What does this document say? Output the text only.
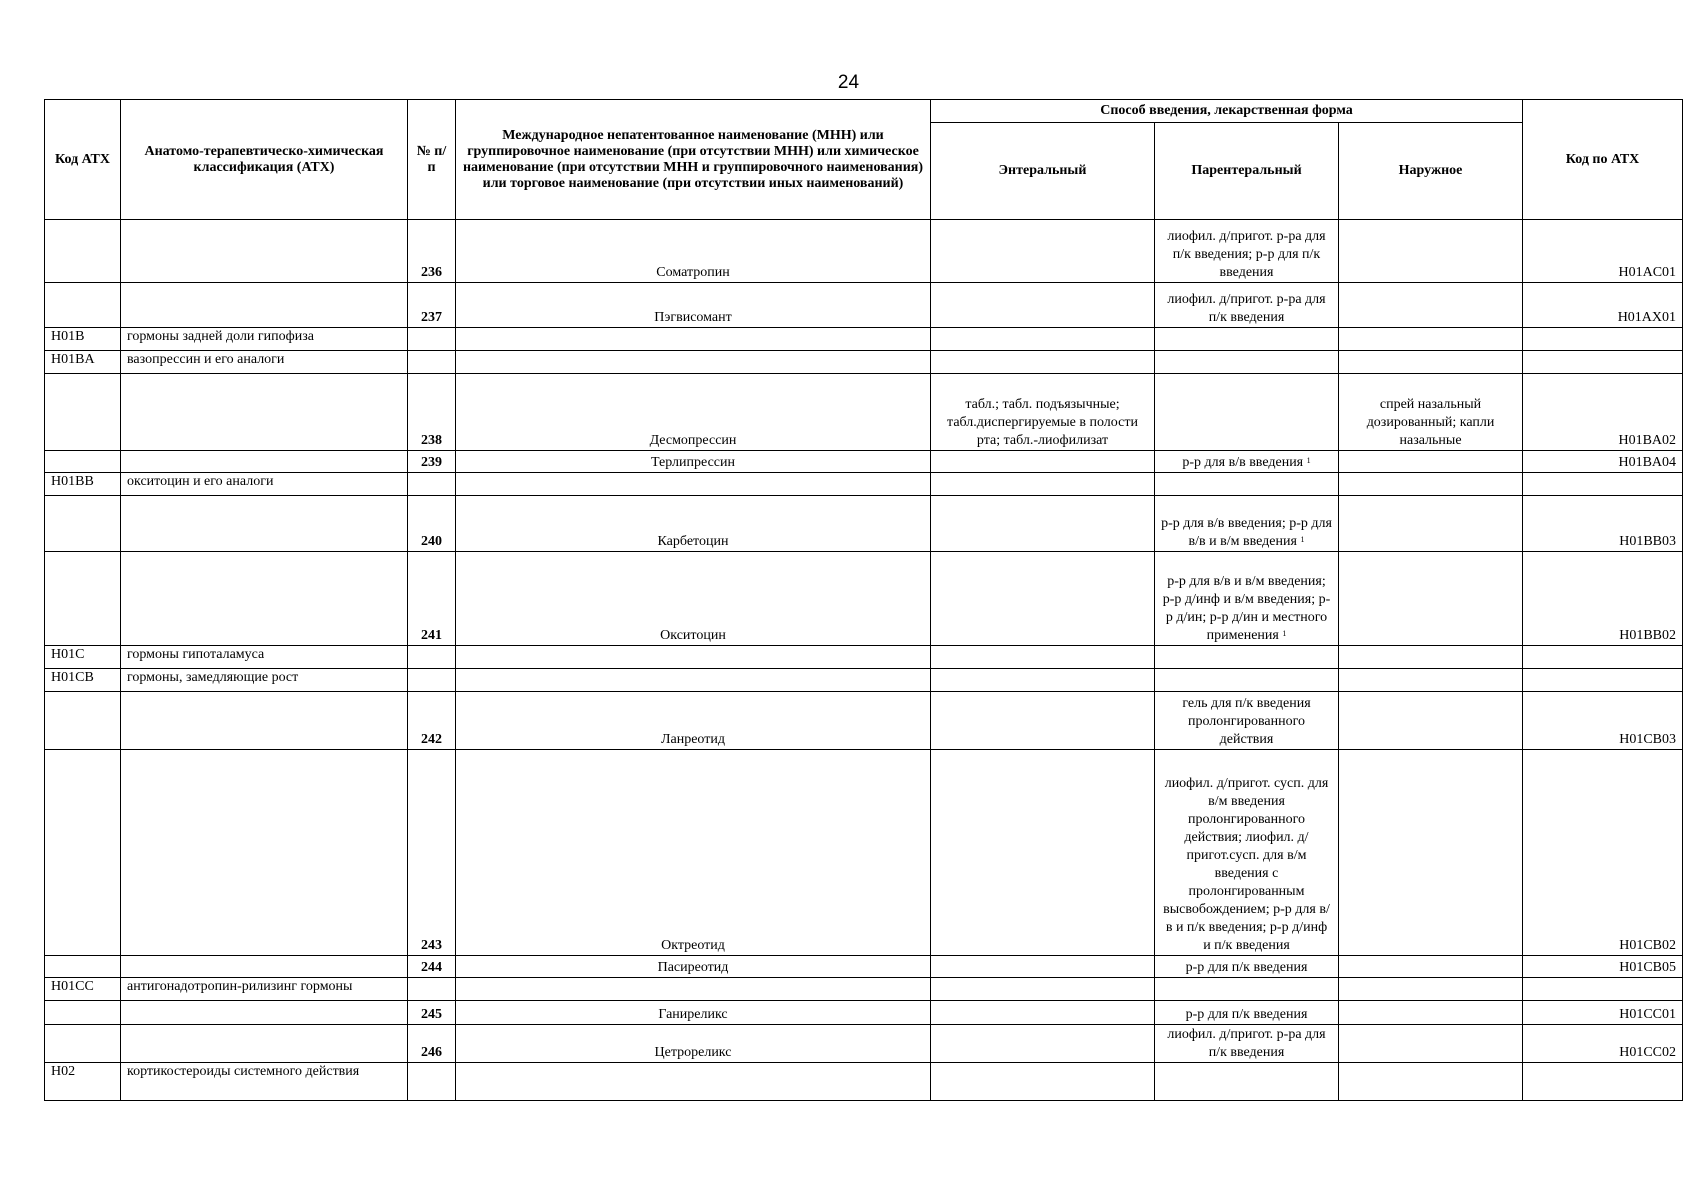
24
Код АТХ	Анатомо-терапевтическо-химическая классификация (АТХ)	№ п/п	Международное непатентованное наименование (МНН) или группировочное наименование (при отсутствии МНН) или химическое наименование (при отсутствии МНН и группировочного наименования) или торговое наименование (при отсутствии иных наименований)	Способ введения, лекарственная форма			Код по АТХ
				Энтеральный	Парентеральный	Наружное	
		236	Соматропин		лиофил. д/пригот. р-ра для п/к введения; р-р для п/к введения		H01AC01
		237	Пэгвисомант		лиофил. д/пригот. р-ра для п/к введения		H01AX01
H01B	гормоны задней доли гипофиза						
H01BA	вазопрессин и его аналоги						
		238	Десмопрессин	табл.; табл. подъязычные; табл.диспергируемые в полости рта; табл.-лиофилизат		спрей назальный дозированный; капли назальные	H01BA02
		239	Терлипрессин		р-р для в/в введения $^1$		H01BA04
H01BB	окситоцин и его аналоги						
		240	Карбетоцин		р-р для в/в введения; р-р для в/в и в/м введения $^1$		H01BB03
		241	Окситоцин		р-р для в/в и в/м введения; р-р д/инф и в/м введения; р-р д/ин; р-р д/ин и местного применения $^1$		H01BB02
H01C	гормоны гипоталамуса						
H01CB	гормоны, замедляющие рост						
		242	Ланреотид		гель для п/к введения пролонгированного действия		H01CB03
		243	Октреотид		лиофил. д/пригот. сусп. для в/м введения пролонгированного действия; лиофил. д/пригот.сусп. для в/м введения с пролонгированным высвобождением; р-р для в/в и п/к введения; р-р д/инф и п/к введения		H01CB02
		244	Пасиреотид		р-р для п/к введения		H01CB05
H01CC	антигонадотропин-рилизинг гормоны						
		245	Ганиреликс		р-р для п/к введения		H01CC01
		246	Цетрореликс		лиофил. д/пригот. р-ра для п/к введения		H01CC02
H02	кортикостероиды системного действия						
